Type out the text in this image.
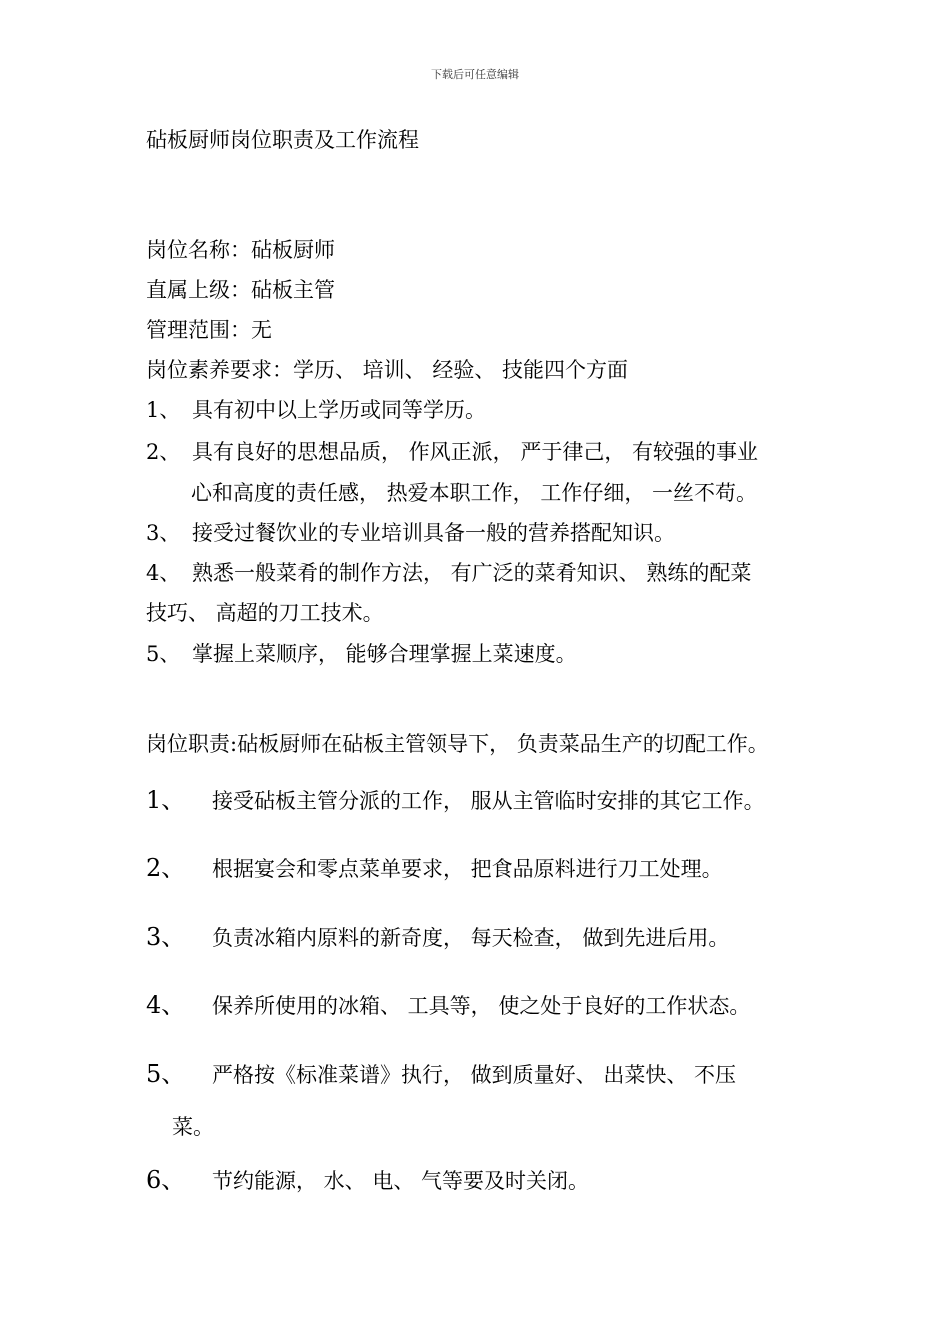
下载后可任意编辑
砧板厨师岗位职责及工作流程
岗位名称：砧板厨师
直属上级：砧板主管
管理范围：无
岗位素养要求：学历、 培训、 经验、 技能四个方面
1、 具有初中以上学历或同等学历。
2、 具有良好的思想品质， 作风正派， 严于律己， 有较强的事业
心和高度的责任感， 热爱本职工作， 工作仔细， 一丝不苟。
3、 接受过餐饮业的专业培训具备一般的营养搭配知识。
4、 熟悉一般菜肴的制作方法， 有广泛的菜肴知识、 熟练的配菜
技巧、 高超的刀工技术。
5、 掌握上菜顺序， 能够合理掌握上菜速度。
岗位职责:砧板厨师在砧板主管领导下， 负责菜品生产的切配工作。
1、 接受砧板主管分派的工作， 服从主管临时安排的其它工作。
2、 根据宴会和零点菜单要求， 把食品原料进行刀工处理。
3、 负责冰箱内原料的新奇度， 每天检查， 做到先进后用。
4、 保养所使用的冰箱、 工具等， 使之处于良好的工作状态。
5、 严格按《标准菜谱》执行， 做到质量好、 出菜快、 不压
菜。
6、 节约能源， 水、 电、 气等要及时关闭。
